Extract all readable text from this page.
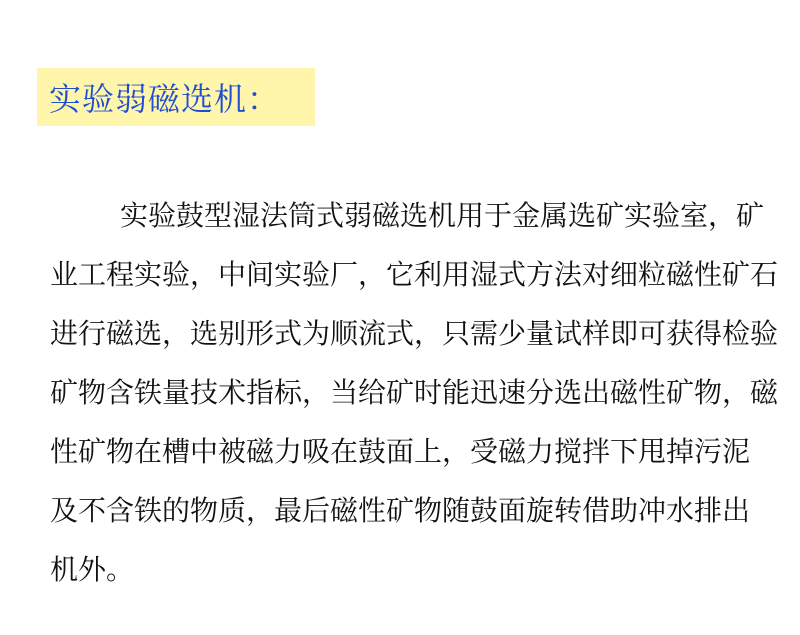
实验弱磁选机：
实验鼓型湿法筒式弱磁选机用于金属选矿实验室，矿
业工程实验，中间实验厂，它利用湿式方法对细粒磁性矿石
进行磁选，选别形式为顺流式，只需少量试样即可获得检验
矿物含铁量技术指标，当给矿时能迅速分选出磁性矿物，磁
性矿物在槽中被磁力吸在鼓面上，受磁力搅拌下甩掉污泥
及不含铁的物质，最后磁性矿物随鼓面旋转借助冲水排出
机外。
